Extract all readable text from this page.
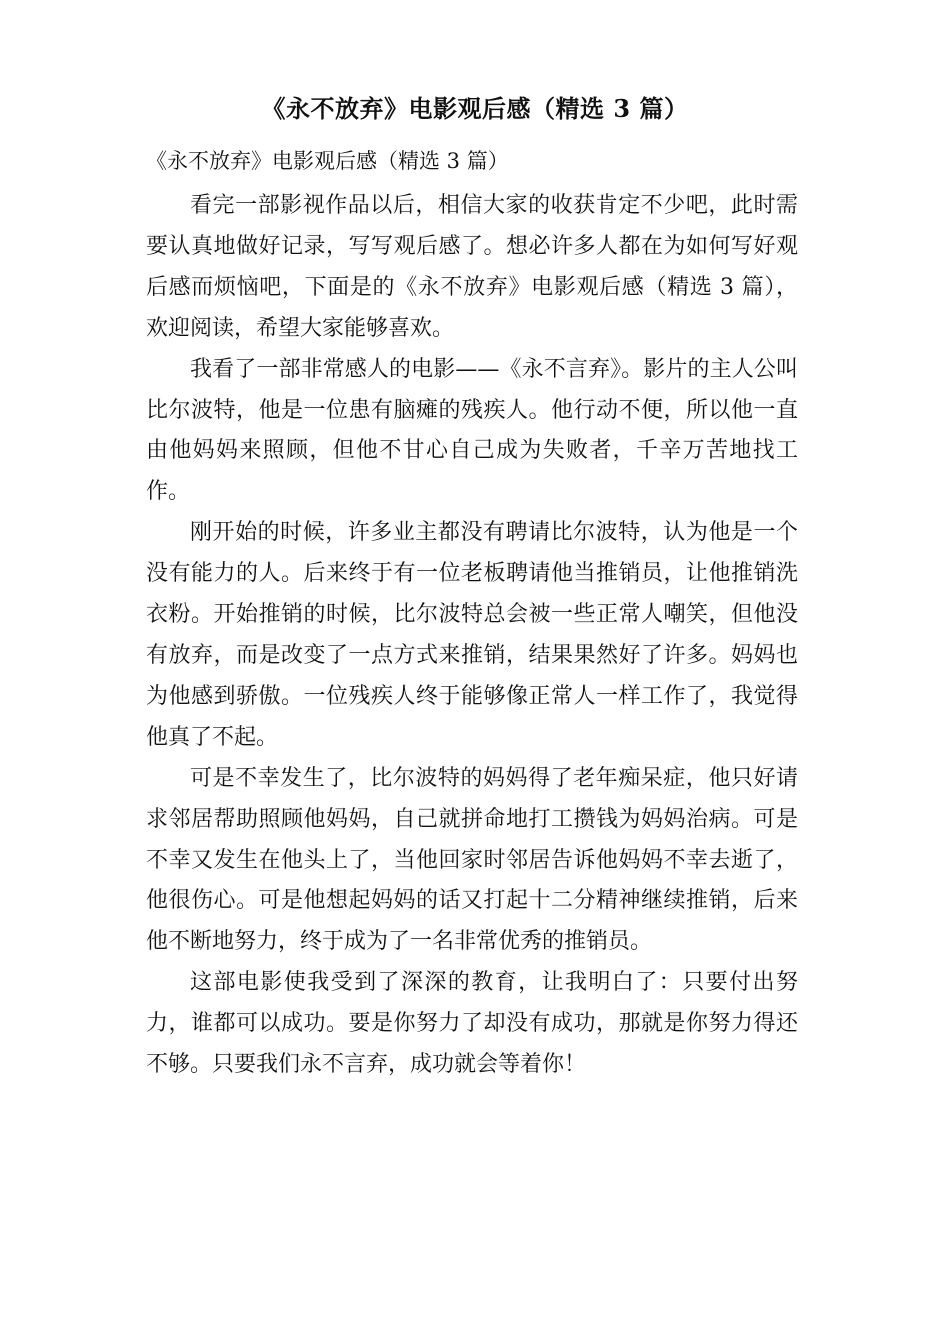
《永不放弃》电影观后感（精选 3 篇）
《永不放弃》电影观后感（精选 3 篇）

看完一部影视作品以后，相信大家的收获肯定不少吧，此时需要认真地做好记录，写写观后感了。想必许多人都在为如何写好观后感而烦恼吧，下面是的《永不放弃》电影观后感（精选 3 篇），欢迎阅读，希望大家能够喜欢。

我看了一部非常感人的电影——《永不言弃》。影片的主人公叫比尔波特，他是一位患有脑瘫的残疾人。他行动不便，所以他一直由他妈妈来照顾，但他不甘心自己成为失败者，千辛万苦地找工作。

刚开始的时候，许多业主都没有聘请比尔波特，认为他是一个没有能力的人。后来终于有一位老板聘请他当推销员，让他推销洗衣粉。开始推销的时候，比尔波特总会被一些正常人嘲笑，但他没有放弃，而是改变了一点方式来推销，结果果然好了许多。妈妈也为他感到骄傲。一位残疾人终于能够像正常人一样工作了，我觉得他真了不起。

可是不幸发生了，比尔波特的妈妈得了老年痴呆症，他只好请求邻居帮助照顾他妈妈，自己就拼命地打工攒钱为妈妈治病。可是不幸又发生在他头上了，当他回家时邻居告诉他妈妈不幸去逝了，他很伤心。可是他想起妈妈的话又打起十二分精神继续推销，后来他不断地努力，终于成为了一名非常优秀的推销员。

这部电影使我受到了深深的教育，让我明白了：只要付出努力，谁都可以成功。要是你努力了却没有成功，那就是你努力得还不够。只要我们永不言弃，成功就会等着你！
